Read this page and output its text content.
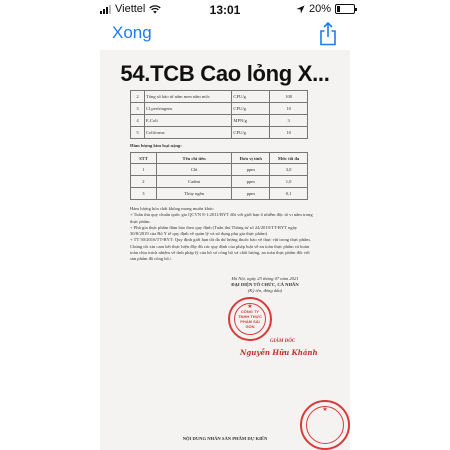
Viettel	13:01	20%
Xong
54.TCB Cao lỏng X...
2	Tổng số bào tử nấm men nấm mốc	CFU/g	100
3	Cl.perfringens	CFU/g	10
4	E.Coli	MPN/g	3
5	Coliforms	CFU/g	10
Hàm lượng kim loại nặng:
STT	Tên chỉ tiêu	Đơn vị tính	Mức tối đa
1	Chì	ppm	3,0
2	Cadmi	ppm	1,0
3	Thủy ngân	ppm	0,1
Hàm lượng hóa chất không mong muốn khác:
+ Tuân thủ quy chuẩn quốc gia QCVN 8-1:2011/BYT đối với giới hạn ô nhiễm độc tố vi nấm trong thực phẩm.
+ Phù gia thực phẩm đảm bảo theo quy định (Tuân thủ Thông tư số 24/2019/TT-BYT ngày 30/8/2019 của Bộ Y tế quy định về quản lý và sử dụng phụ gia thực phẩm)
+ TT 50/2016/TT-BYT: Quy định giới hạn tối đa dư lượng thuốc bảo vệ thực vật trong thực phẩm.
Chúng tôi xin cam kết thực hiện đầy đủ các quy định của pháp luật về an toàn thực phẩm và hoàn toàn chịu trách nhiệm về tính pháp lý của hồ sơ công bố và chất lượng, an toàn thực phẩm đối với sản phẩm đã công bố./.
Hà Nội, ngày 23 tháng 07 năm 2021
ĐẠI DIỆN TỔ CHỨC, CÁ NHÂN
(Ký tên, đóng dấu)
★
CÔNG TY TNHH THỰC PHẨM SÀI GÒN
GIÁM ĐỐC
Nguyễn Hữu Khánh
★
NỘI DUNG NHÃN SẢN PHẨM DỰ KIẾN
